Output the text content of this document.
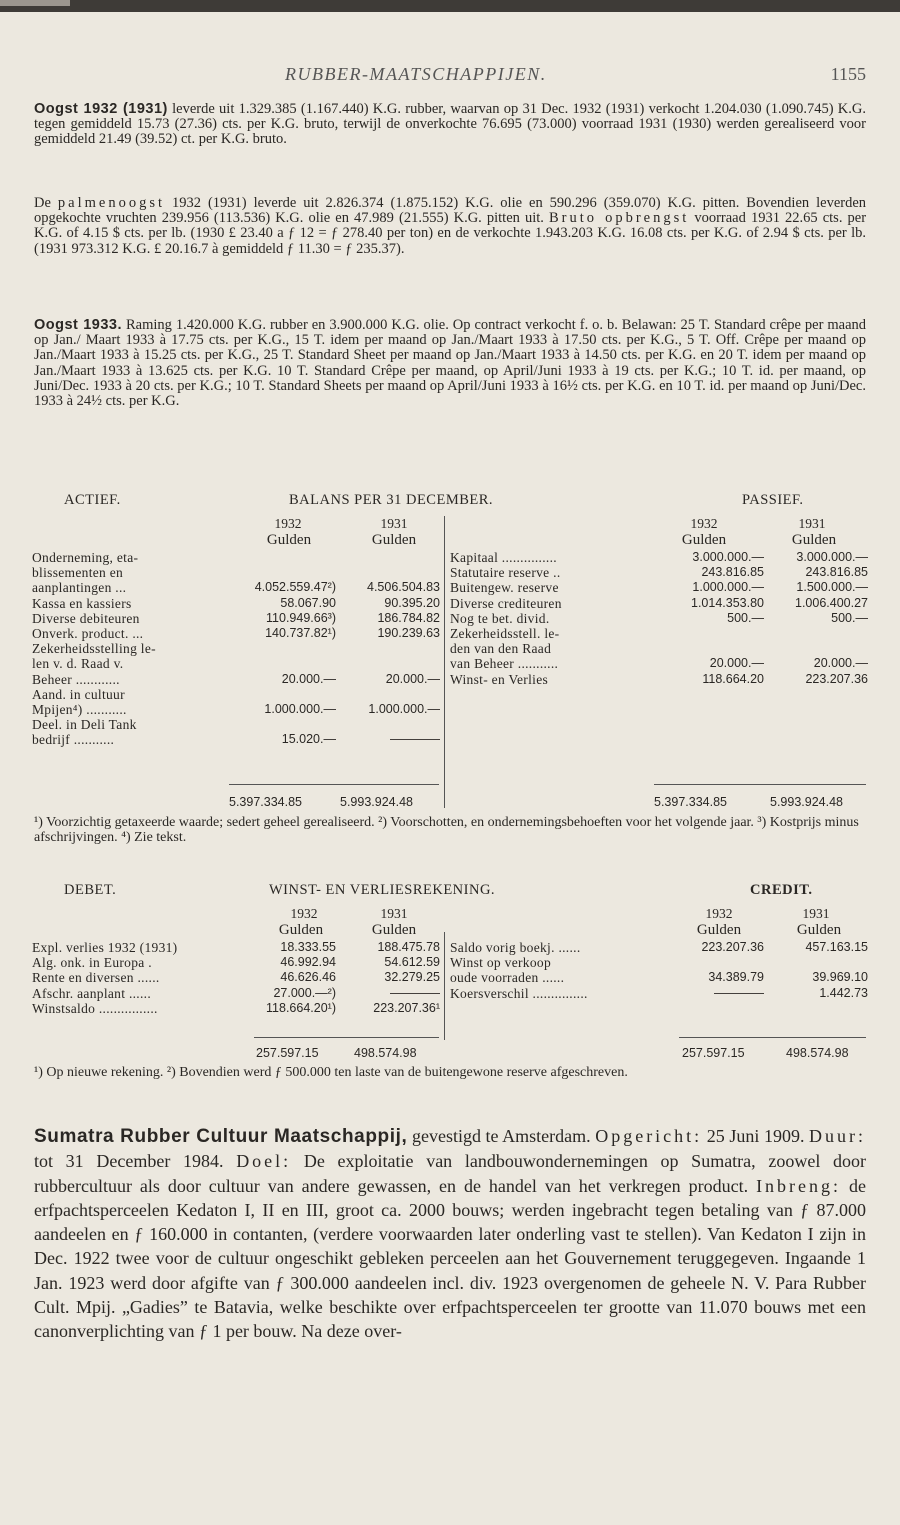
RUBBER-MAATSCHAPPIJEN.	1155
Oogst 1932 (1931) leverde uit 1.329.385 (1.167.440) K.G. rubber, waarvan op 31 Dec. 1932 (1931) verkocht 1.204.030 (1.090.745) K.G. tegen gemiddeld 15.73 (27.36) cts. per K.G. bruto, terwijl de onverkochte 76.695 (73.000) voorraad 1931 (1930) werden gerealiseerd voor gemiddeld 21.49 (39.52) ct. per K.G. bruto.
De palmenoogst 1932 (1931) leverde uit 2.826.374 (1.875.152) K.G. olie en 590.296 (359.070) K.G. pitten. Bovendien leverden opgekochte vruchten 239.956 (113.536) K.G. olie en 47.989 (21.555) K.G. pitten uit. Bruto opbrengst voorraad 1931 22.65 cts. per K.G. of 4.15 $ cts. per lb. (1930 £ 23.40 a ƒ 12 = ƒ 278.40 per ton) en de verkochte 1.943.203 K.G. 16.08 cts. per K.G. of 2.94 $ cts. per lb. (1931 973.312 K.G. £ 20.16.7 à gemiddeld ƒ 11.30 = ƒ 235.37).
Oogst 1933. Raming 1.420.000 K.G. rubber en 3.900.000 K.G. olie. Op contract verkocht f. o. b. Belawan: 25 T. Standard crêpe per maand op Jan./ Maart 1933 à 17.75 cts. per K.G., 15 T. idem per maand op Jan./Maart 1933 à 17.50 cts. per K.G., 5 T. Off. Crêpe per maand op Jan./Maart 1933 à 15.25 cts. per K.G., 25 T. Standard Sheet per maand op Jan./Maart 1933 à 14.50 cts. per K.G. en 20 T. idem per maand op Jan./Maart 1933 à 13.625 cts. per K.G. 10 T. Standard Crêpe per maand, op April/Juni 1933 à 19 cts. per K.G.; 10 T. id. per maand, op Juni/Dec. 1933 à 20 cts. per K.G.; 10 T. Standard Sheets per maand op April/Juni 1933 à 16½ cts. per K.G. en 10 T. id. per maand op Juni/Dec. 1933 à 24½ cts. per K.G.
ACTIEF.	BALANS PER 31 DECEMBER.	PASSIEF.
1932	1931
Gulden	Gulden
1932	1931
Gulden	Gulden
Onderneming, eta-		
blissementen en		
aanplantingen ...	4.052.559.47²)	4.506.504.83
Kassa en kassiers	58.067.90	90.395.20
Diverse debiteuren	110.949.66³)	186.784.82
Onverk. product. ...	140.737.82¹)	190.239.63
Zekerheidsstelling le-		
len v. d. Raad v.		
Beheer ............	20.000.—	20.000.—
Aand. in cultuur		
Mpijen⁴) ...........	1.000.000.—	1.000.000.—
Deel. in Deli Tank		
bedrijf ...........	15.020.—	————
Kapitaal ...............	3.000.000.—	3.000.000.—
Statutaire reserve ..	243.816.85	243.816.85
Buitengew. reserve	1.000.000.—	1.500.000.—
Diverse crediteuren	1.014.353.80	1.006.400.27
Nog te bet. divid.	500.—	500.—
Zekerheidsstell. le-		
den van den Raad		
van Beheer ...........	20.000.—	20.000.—
Winst- en Verlies	118.664.20	223.207.36
5.397.334.85	5.993.924.48	5.397.334.85	5.993.924.48
¹) Voorzichtig getaxeerde waarde; sedert geheel gerealiseerd. ²) Voorschotten, en ondernemingsbehoeften voor het volgende jaar. ³) Kostprijs minus afschrijvingen. ⁴) Zie tekst.
DEBET.	WINST- EN VERLIESREKENING.	CREDIT.
1932	1931
Gulden	Gulden
1932	1931
Gulden	Gulden
Expl. verlies 1932 (1931)	18.333.55	188.475.78
Alg. onk. in Europa .	46.992.94	54.612.59
Rente en diversen ......	46.626.46	32.279.25
Afschr. aanplant ......	27.000.—²)	————
Winstsaldo ................	118.664.20¹)	223.207.36¹
Saldo vorig boekj. ......	223.207.36	457.163.15
Winst op verkoop		
oude voorraden ......	34.389.79	39.969.10
Koersverschil ...............	————	1.442.73
257.597.15	498.574.98	257.597.15	498.574.98
¹) Op nieuwe rekening. ²) Bovendien werd ƒ 500.000 ten laste van de buitengewone reserve afgeschreven.
Sumatra Rubber Cultuur Maatschappij, gevestigd te Amsterdam. Opgericht: 25 Juni 1909. Duur: tot 31 December 1984. Doel: De exploitatie van landbouwondernemingen op Sumatra, zoowel door rubbercultuur als door cultuur van andere gewassen, en de handel van het verkregen product. Inbreng: de erfpachtsperceelen Kedaton I, II en III, groot ca. 2000 bouws; werden ingebracht tegen betaling van ƒ 87.000 aandeelen en ƒ 160.000 in contanten, (verdere voorwaarden later onderling vast te stellen). Van Kedaton I zijn in Dec. 1922 twee voor de cultuur ongeschikt gebleken perceelen aan het Gouvernement teruggegeven. Ingaande 1 Jan. 1923 werd door afgifte van ƒ 300.000 aandeelen incl. div. 1923 overgenomen de geheele N. V. Para Rubber Cult. Mpij. „Gadies” te Batavia, welke beschikte over erfpachtsperceelen ter grootte van 11.070 bouws met een canonverplichting van ƒ 1 per bouw. Na deze over-
